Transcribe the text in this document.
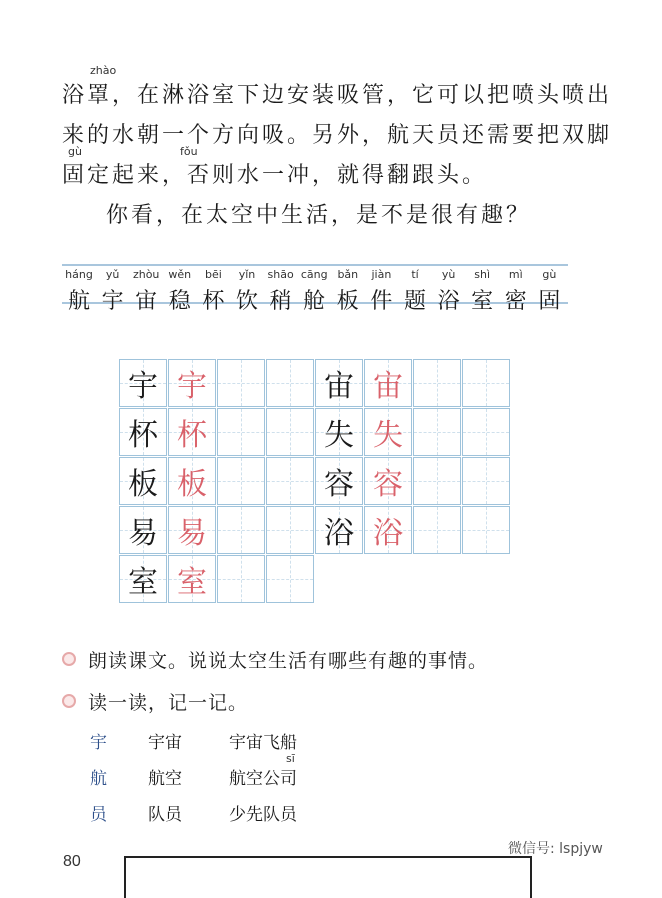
zhào
浴罩，在淋浴室下边安装吸管，它可以把喷头喷出
来的水朝一个方向吸。另外，航天员还需要把双脚
gù	fǒu
固定起来，否则水一冲，就得翻跟头。
你看，在太空中生活，是不是很有趣？
háng
航
yǔ
宇
zhòu
宙
wěn
稳
bēi
杯
yǐn
饮
shāo
稍
cāng
舱
bǎn
板
jiàn
件
tí
题
yù
浴
shì
室
mì
密
gù
固
宇 宇
杯 杯
板 板
易 易
室 室
宙 宙
失 失
容 容
浴 浴
朗读课文。说说太空生活有哪些有趣的事情。
读一读，记一记。
宇 宇宙	宇宙飞船
航 航空	航空公司
sī
员 队员	少先队员
80
微信号: lspjyw
